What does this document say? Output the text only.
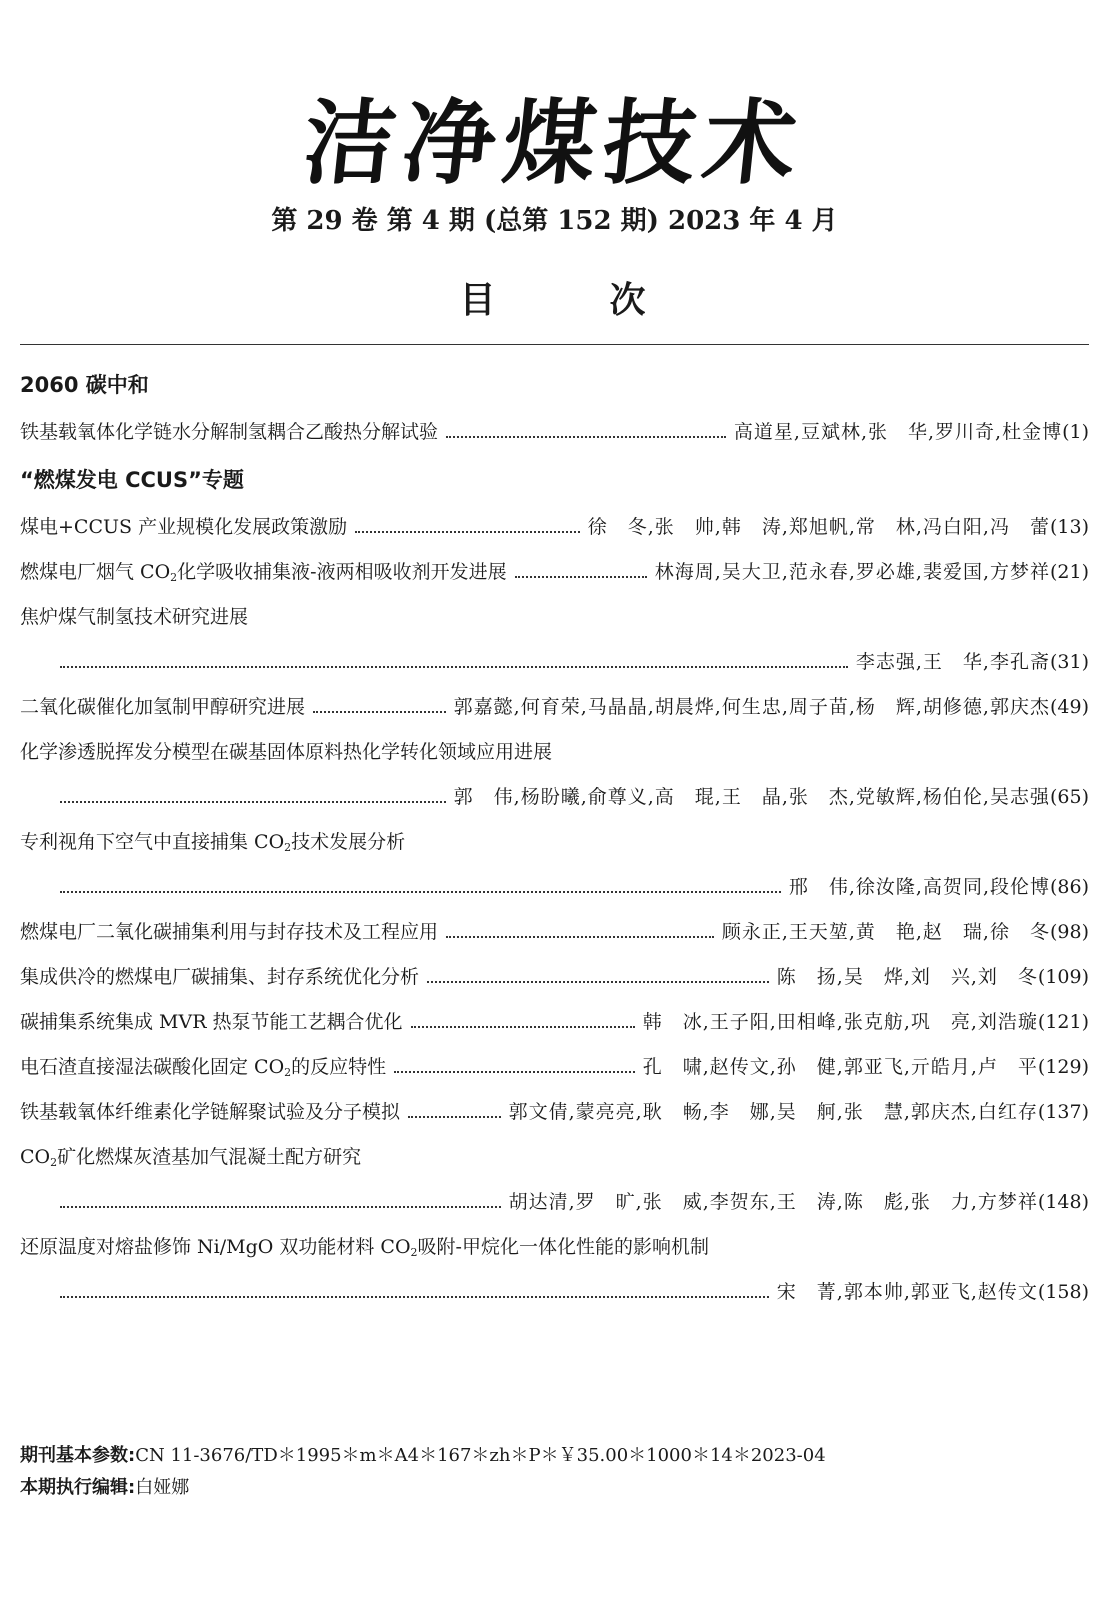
洁净煤技术
第 29 卷 第 4 期 (总第 152 期) 2023 年 4 月
目	次
2060 碳中和
铁基载氧体化学链水分解制氢耦合乙酸热分解试验	高道星,豆斌林,张　华,罗川奇,杜金博 (1)
“燃煤发电 CCUS”专题
煤电+CCUS 产业规模化发展政策激励	徐　冬,张　帅,韩　涛,郑旭帆,常　林,冯白阳,冯　蕾 (13)
燃煤电厂烟气 $CO_2$化学吸收捕集液-液两相吸收剂开发进展	林海周,吴大卫,范永春,罗必雄,裴爱国,方梦祥 (21)
焦炉煤气制氢技术研究进展
李志强,王　华,李孔斋 (31)
二氧化碳催化加氢制甲醇研究进展	郭嘉懿,何育荣,马晶晶,胡晨烨,何生忠,周子苗,杨　辉,胡修德,郭庆杰 (49)
化学渗透脱挥发分模型在碳基固体原料热化学转化领域应用进展
郭　伟,杨盼曦,俞尊义,高　琨,王　晶,张　杰,党敏辉,杨伯伦,吴志强 (65)
专利视角下空气中直接捕集 $CO_2$技术发展分析
邢　伟,徐汝隆,高贺同,段伦博 (86)
燃煤电厂二氧化碳捕集利用与封存技术及工程应用	顾永正,王天堃,黄　艳,赵　瑞,徐　冬 (98)
集成供冷的燃煤电厂碳捕集、封存系统优化分析	陈　扬,吴　烨,刘　兴,刘　冬 (109)
碳捕集系统集成 MVR 热泵节能工艺耦合优化	韩　冰,王子阳,田相峰,张克舫,巩　亮,刘浩璇 (121)
电石渣直接湿法碳酸化固定 $CO_2$的反应特性	孔　啸,赵传文,孙　健,郭亚飞,亓皓月,卢　平 (129)
铁基载氧体纤维素化学链解聚试验及分子模拟	郭文倩,蒙亮亮,耿　畅,李　娜,吴　舸,张　慧,郭庆杰,白红存 (137)
$CO_2$矿化燃煤灰渣基加气混凝土配方研究
胡达清,罗　旷,张　威,李贺东,王　涛,陈　彪,张　力,方梦祥 (148)
还原温度对熔盐修饰 Ni/MgO 双功能材料 $CO_2$吸附-甲烷化一体化性能的影响机制
宋　菁,郭本帅,郭亚飞,赵传文 (158)
期刊基本参数:CN 11-3676/TD＊1995＊m＊A4＊167＊zh＊P＊￥35.00＊1000＊14＊2023-04
本期执行编辑:白娅娜
